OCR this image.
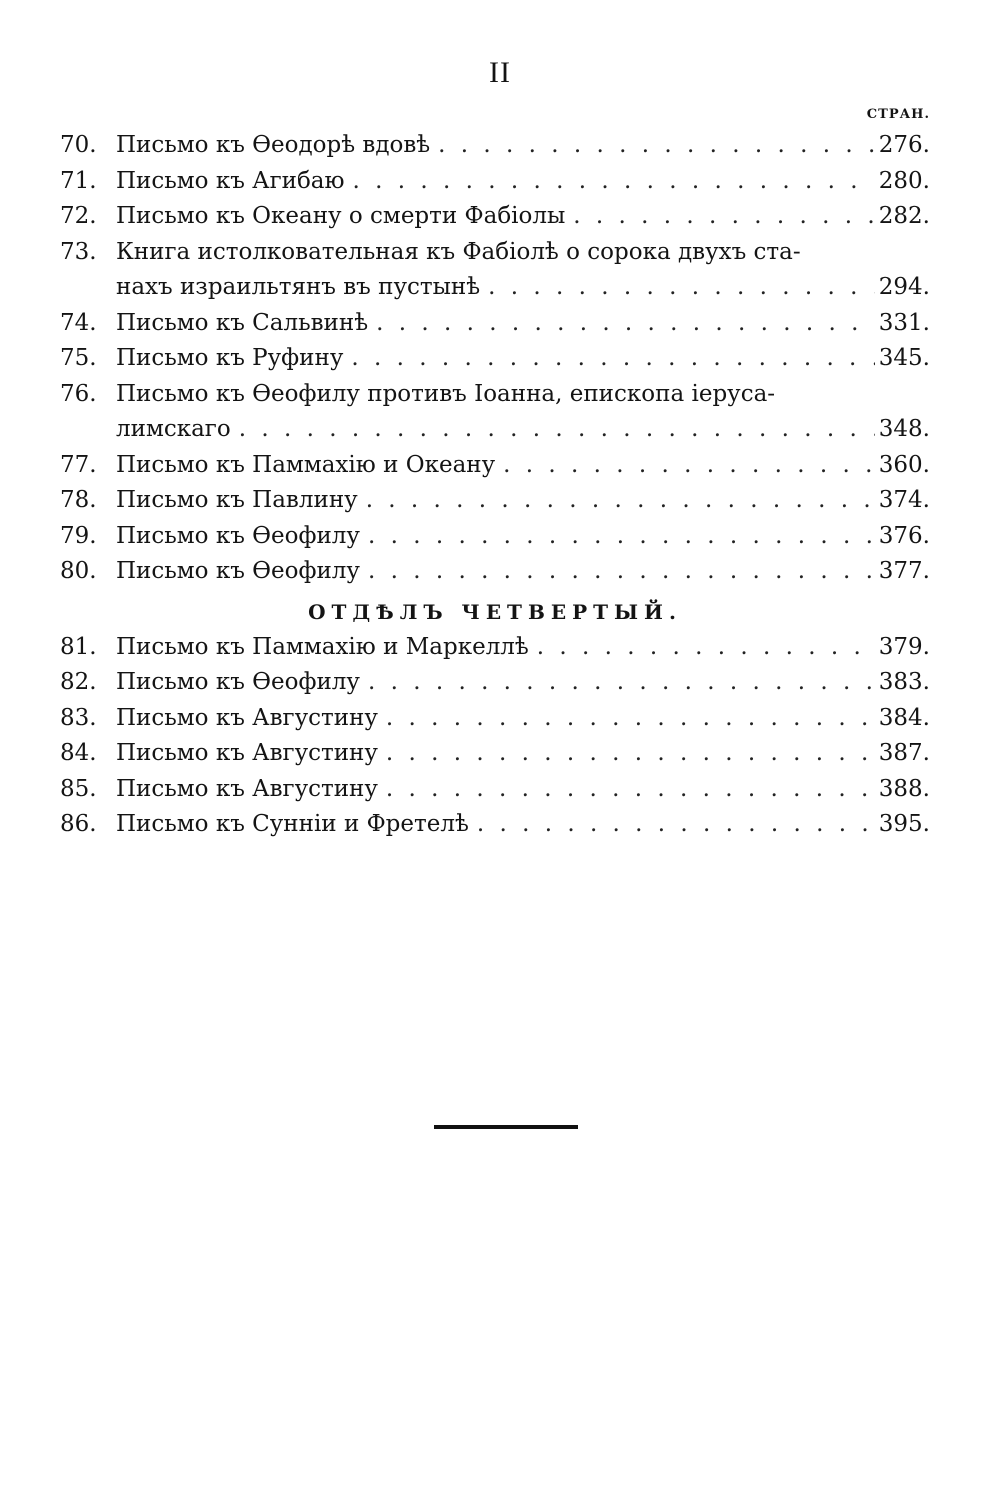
II
СТРАН.
70. Письмо къ Ѳеодорѣ вдовѣ . . .	276.
71. Письмо къ Агибаю . . .	280.
72. Письмо къ Океану о смерти Фабіолы . . .	282.
73. Книга истолковательная къ Фабіолѣ о сорока двухъ ста-
нахъ израильтянъ въ пустынѣ . . .	294.
74. Письмо къ Сальвинѣ . . .	331.
75. Письмо къ Руфину . . .	345.
76. Письмо къ Ѳеофилу противъ Іоанна, епископа іеруса-
лимскаго . . .	348.
77. Письмо къ Паммахію и Океану . . .	360.
78. Письмо къ Павлину . . .	374.
79. Письмо къ Ѳеофилу . . .	376.
80. Письмо къ Ѳеофилу . . .	377.
ОТДѢЛЪ ЧЕТВЕРТЫЙ.
81. Письмо къ Паммахію и Маркеллѣ . . .	379.
82. Письмо къ Ѳеофилу . . .	383.
83. Письмо къ Августину . . .	384.
84. Письмо къ Августину . . .	387.
85. Письмо къ Августину . . .	388.
86. Письмо къ Сунніи и Фретелѣ . . .	395.
